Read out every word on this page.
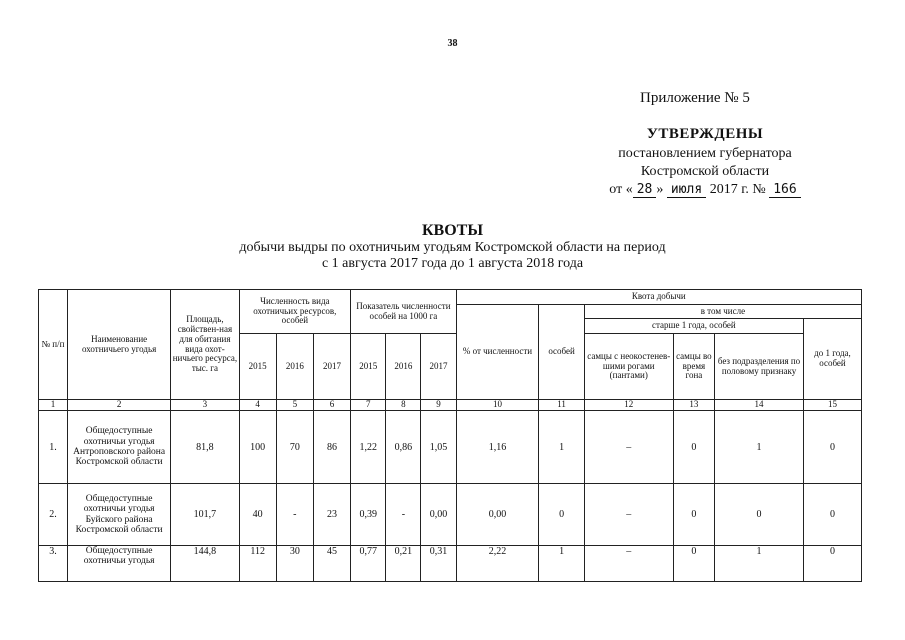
38
Приложение № 5
УТВЕРЖДЕНЫ
постановлением губернатора
Костромской области
от « 28 » июля 2017 г. № 166
КВОТЫ
добычи выдры по охотничьим угодьям Костромской области на период
с 1 августа 2017 года до 1 августа 2018 года
№ п/п	Наименование охотничьего угодья	Площадь, свойствен-ная для обитания вида охот-ничьего ресурса, тыс. га	Численность вида охотничьих ресурсов, особей			Показатель численности особей на 1000 га			Квота добычи					
									% от численности	особей	в том числе			
											старше 1 года, особей			до 1 года, особей
			2015	2016	2017	2015	2016	2017			самцы с неокостенев-шими рогами (пантами)	самцы во время гона	без подразделения по половому признаку	
1	2	3	4	5	6	7	8	9	10	11	12	13	14	15
1.	Общедоступные охотничьи угодья Антроповского района Костромской области	81,8	100	70	86	1,22	0,86	1,05	1,16	1	–	0	1	0
2.	Общедоступные охотничьи угодья Буйского района Костромской области	101,7	40	-	23	0,39	-	0,00	0,00	0	–	0	0	0
3.	Общедоступные охотничьи угодья	144,8	112	30	45	0,77	0,21	0,31	2,22	1	–	0	1	0
